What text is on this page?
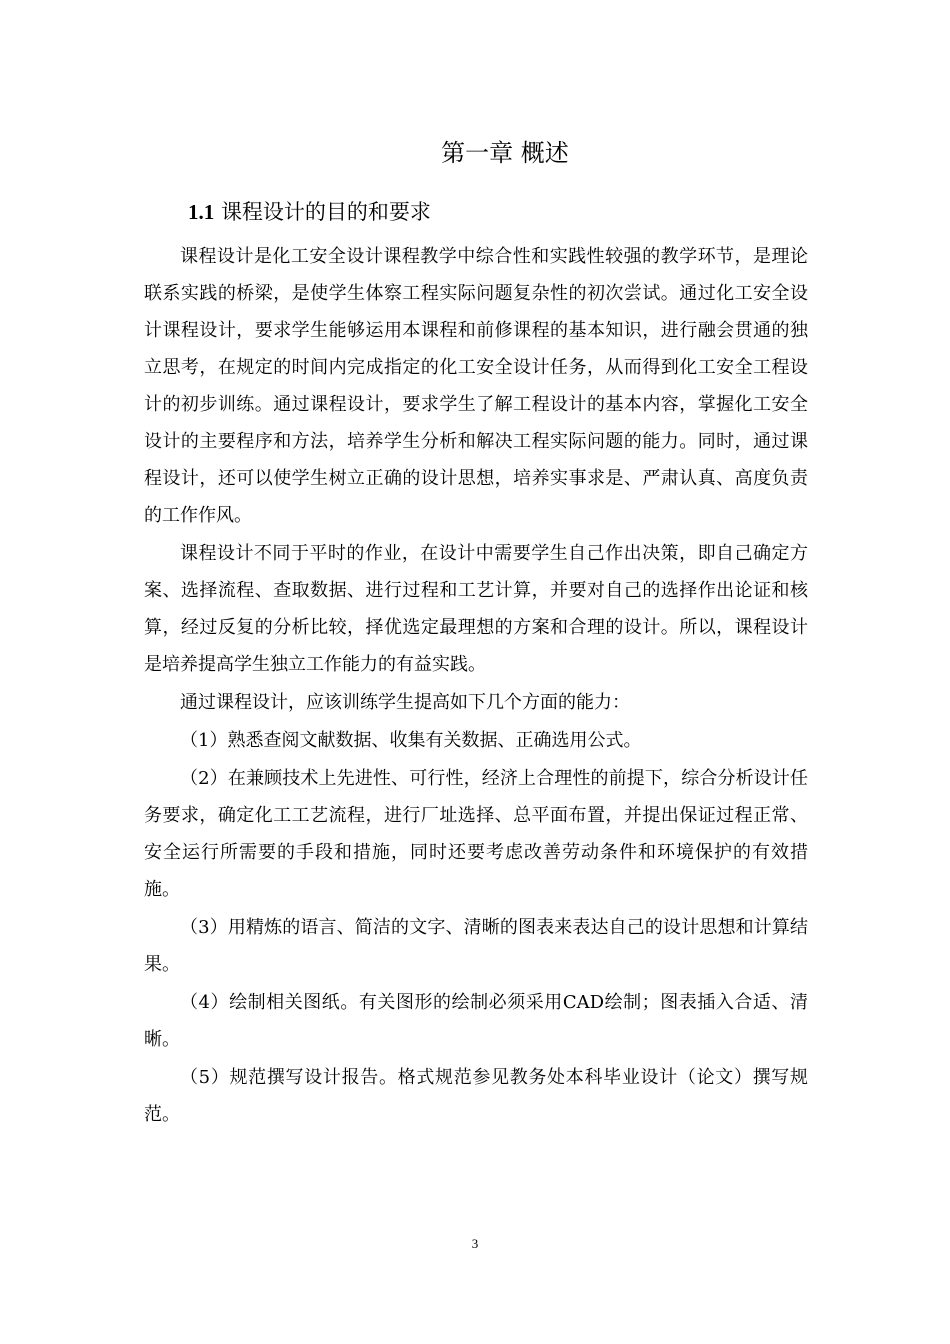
第一章 概述
1.1 课程设计的目的和要求

课程设计是化工安全设计课程教学中综合性和实践性较强的教学环节，是理论联系实践的桥梁，是使学生体察工程实际问题复杂性的初次尝试。通过化工安全设计课程设计，要求学生能够运用本课程和前修课程的基本知识，进行融会贯通的独立思考，在规定的时间内完成指定的化工安全设计任务，从而得到化工安全工程设计的初步训练。通过课程设计，要求学生了解工程设计的基本内容，掌握化工安全设计的主要程序和方法，培养学生分析和解决工程实际问题的能力。同时，通过课程设计，还可以使学生树立正确的设计思想，培养实事求是、严肃认真、高度负责的工作作风。

课程设计不同于平时的作业，在设计中需要学生自己作出决策，即自己确定方案、选择流程、查取数据、进行过程和工艺计算，并要对自己的选择作出论证和核算，经过反复的分析比较，择优选定最理想的方案和合理的设计。所以，课程设计是培养提高学生独立工作能力的有益实践。

通过课程设计，应该训练学生提高如下几个方面的能力：

（1）熟悉查阅文献数据、收集有关数据、正确选用公式。

（2）在兼顾技术上先进性、可行性，经济上合理性的前提下，综合分析设计任务要求，确定化工工艺流程，进行厂址选择、总平面布置，并提出保证过程正常、安全运行所需要的手段和措施，同时还要考虑改善劳动条件和环境保护的有效措施。

（3）用精炼的语言、简洁的文字、清晰的图表来表达自己的设计思想和计算结果。

（4）绘制相关图纸。有关图形的绘制必须采用CAD绘制；图表插入合适、清晰。

（5）规范撰写设计报告。格式规范参见教务处本科毕业设计（论文）撰写规范。

3
